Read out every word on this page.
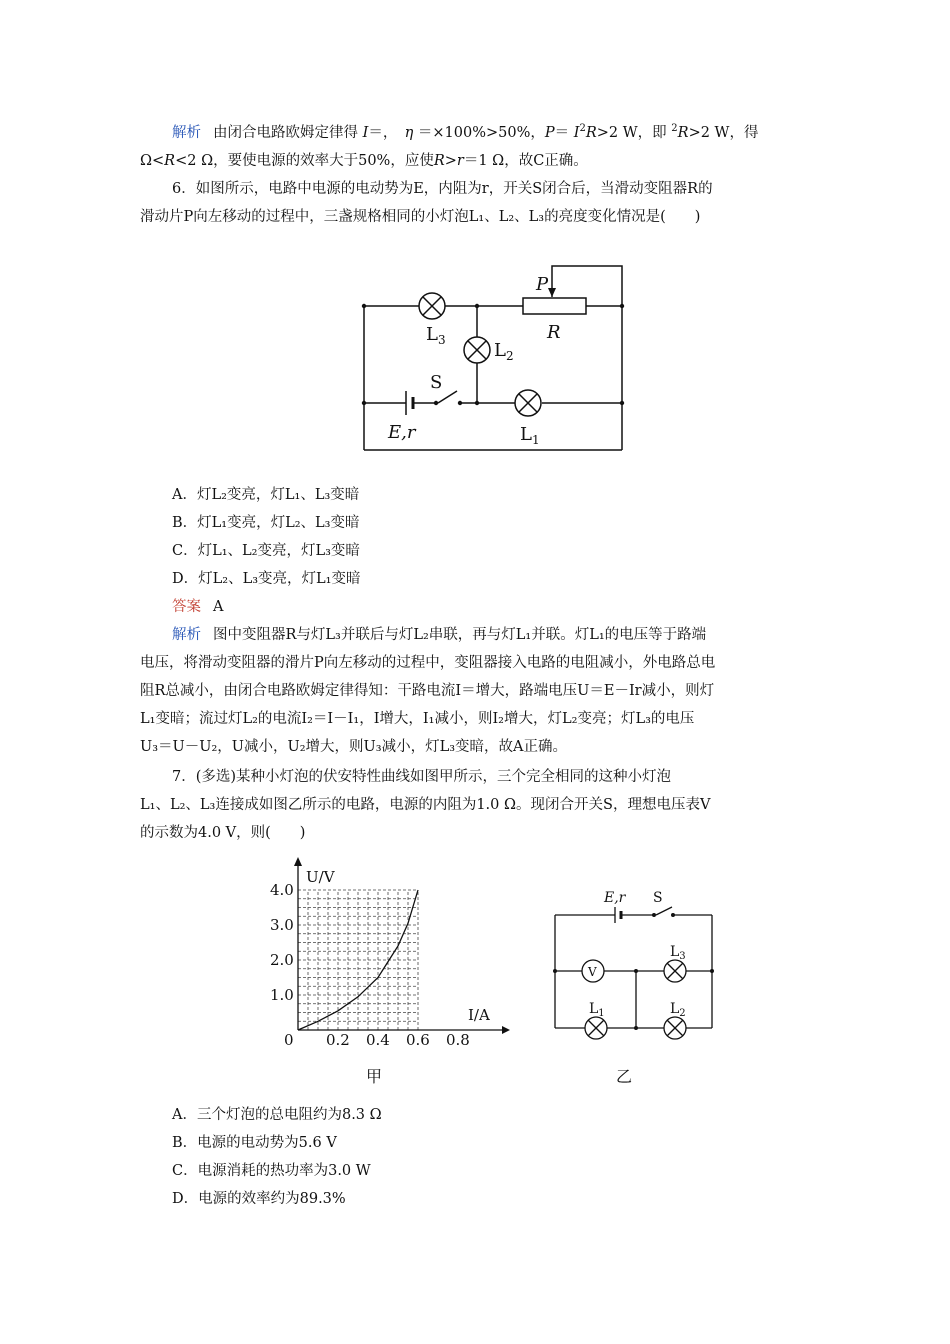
解析 由闭合电路欧姆定律得 I＝，　 η ＝×100%>50%，$P= I^2R>2$ W，即 $^2$R>2 W，得
Ω<R<2 Ω，要使电源的效率大于50%，应使R>r＝1 Ω，故C正确。
6．如图所示，电路中电源的电动势为E，内阻为r，开关S闭合后，当滑动变阻器R的
滑动片P向左移动的过程中，三盏规格相同的小灯泡L₁、L₂、L₃的亮度变化情况是(　　)
P
R
$L_3$	$L_2$
$L_1$
S
E,r
A．灯L₂变亮，灯L₁、L₃变暗
B．灯L₁变亮，灯L₂、L₃变暗
C．灯L₁、L₂变亮，灯L₃变暗
D．灯L₂、L₃变亮，灯L₁变暗
答案 A
解析 图中变阻器R与灯L₃并联后与灯L₂串联，再与灯L₁并联。灯L₁的电压等于路端
电压，将滑动变阻器的滑片P向左移动的过程中，变阻器接入电路的电阻减小，外电路总电
阻R总减小，由闭合电路欧姆定律得知：干路电流I＝增大，路端电压U＝E－Ir减小，则灯
L₁变暗；流过灯L₂的电流I₂＝I－I₁，I增大，I₁减小，则I₂增大，灯L₂变亮；灯L₃的电压
U₃＝U－U₂，U减小，U₂增大，则U₃减小，灯L₃变暗，故A正确。
7．(多选)某种小灯泡的伏安特性曲线如图甲所示，三个完全相同的这种小灯泡
L₁、L₂、L₃连接成如图乙所示的电路，电源的内阻为1.0 Ω。现闭合开关S，理想电压表V
的示数为4.0 V，则(　　)
0.2 0.4 0.6 0.8
4.0
3.0
2.0
1.0
U/V
I/A
0
甲
E,r S
V
$L_3$
$L_1$	$L_2$
乙
A．三个灯泡的总电阻约为8.3 Ω
B．电源的电动势为5.6 V
C．电源消耗的热功率为3.0 W
D．电源的效率约为89.3%
